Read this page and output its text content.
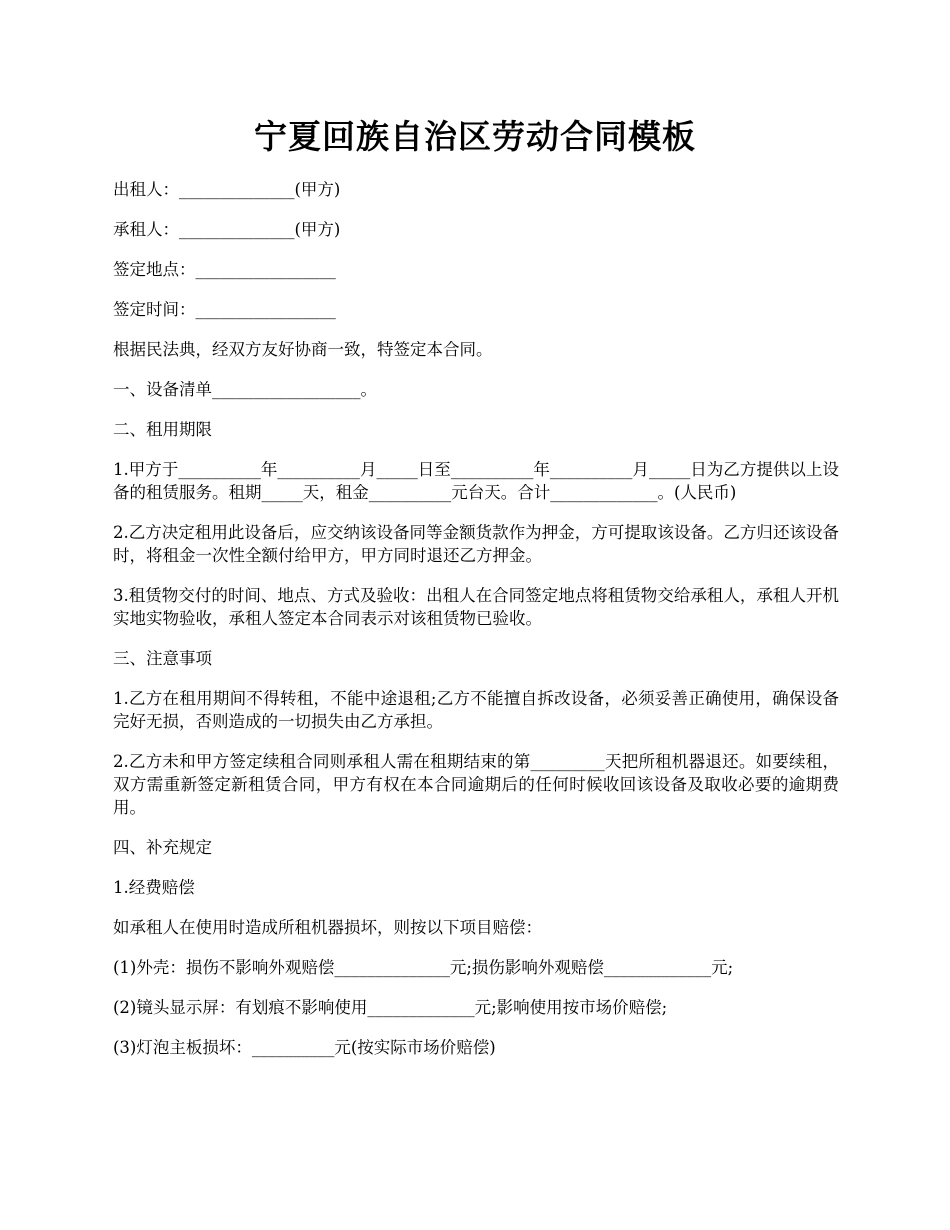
宁夏回族自治区劳动合同模板

出租人：______________(甲方)

承租人：______________(甲方)

签定地点：_________________

签定时间：_________________

根据民法典，经双方友好协商一致，特签定本合同。

一、设备清单__________________。

二、租用期限

1.甲方于__________年__________月_____日至__________年__________月_____日为乙方提供以上设备的租赁服务。租期_____天，租金__________元台天。合计_____________。(人民币)

2.乙方决定租用此设备后，应交纳该设备同等金额货款作为押金，方可提取该设备。乙方归还该设备时，将租金一次性全额付给甲方，甲方同时退还乙方押金。

3.租赁物交付的时间、地点、方式及验收：出租人在合同签定地点将租赁物交给承租人，承租人开机实地实物验收，承租人签定本合同表示对该租赁物已验收。

三、注意事项

1.乙方在租用期间不得转租，不能中途退租;乙方不能擅自拆改设备，必须妥善正确使用，确保设备完好无损，否则造成的一切损失由乙方承担。

2.乙方未和甲方签定续租合同则承租人需在租期结束的第_________天把所租机器退还。如要续租，双方需重新签定新租赁合同，甲方有权在本合同逾期后的任何时候收回该设备及取收必要的逾期费用。

四、补充规定

1.经费赔偿

如承租人在使用时造成所租机器损坏，则按以下项目赔偿：

(1)外壳：损伤不影响外观赔偿______________元;损伤影响外观赔偿_____________元;

(2)镜头显示屏：有划痕不影响使用_____________元;影响使用按市场价赔偿;

(3)灯泡主板损坏：__________元(按实际市场价赔偿)
